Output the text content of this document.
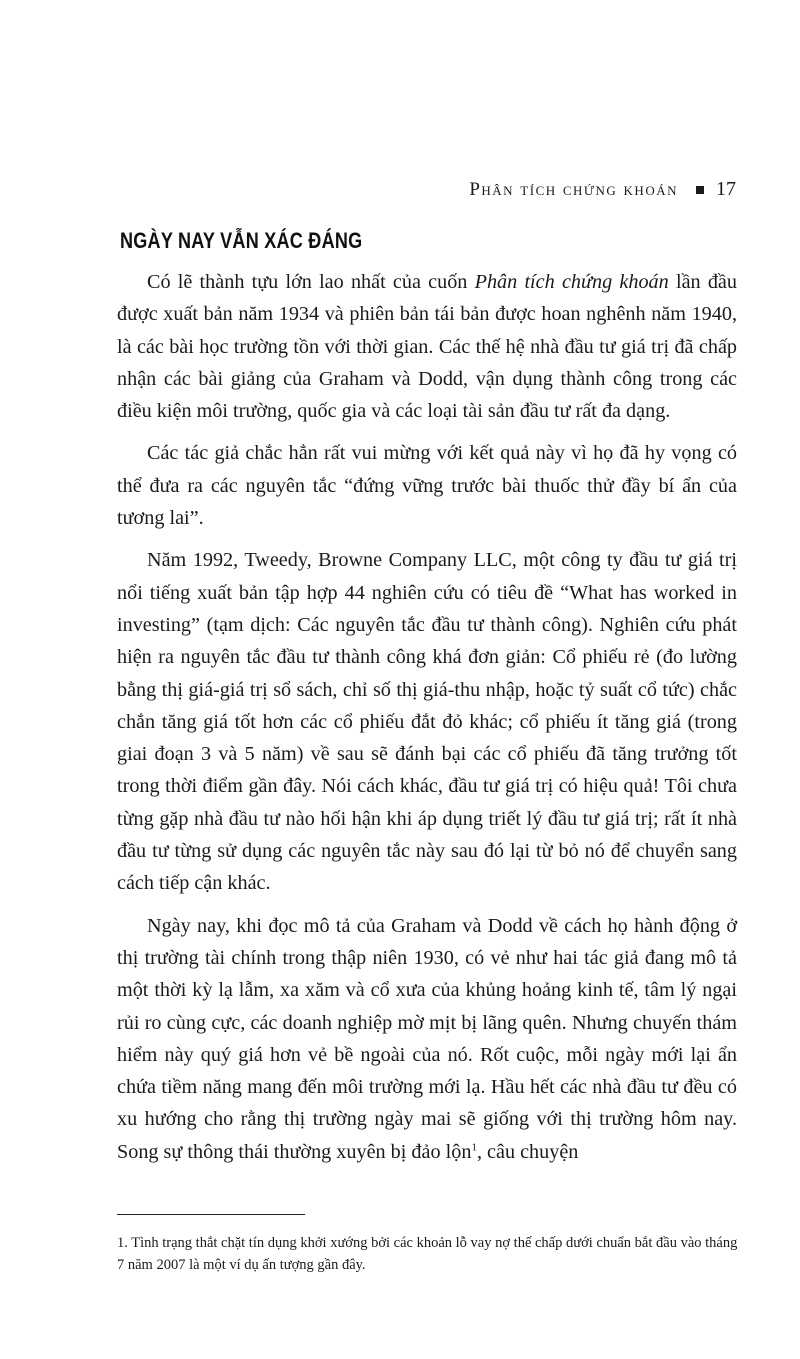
Phân tích chứng khoán 17
NGÀY NAY VẪN XÁC ĐÁNG

Có lẽ thành tựu lớn lao nhất của cuốn Phân tích chứng khoán lần đầu được xuất bản năm 1934 và phiên bản tái bản được hoan nghênh năm 1940, là các bài học trường tồn với thời gian. Các thế hệ nhà đầu tư giá trị đã chấp nhận các bài giảng của Graham và Dodd, vận dụng thành công trong các điều kiện môi trường, quốc gia và các loại tài sản đầu tư rất đa dạng.

Các tác giả chắc hẳn rất vui mừng với kết quả này vì họ đã hy vọng có thể đưa ra các nguyên tắc “đứng vững trước bài thuốc thử đầy bí ẩn của tương lai”.

Năm 1992, Tweedy, Browne Company LLC, một công ty đầu tư giá trị nổi tiếng xuất bản tập hợp 44 nghiên cứu có tiêu đề “What has worked in investing” (tạm dịch: Các nguyên tắc đầu tư thành công). Nghiên cứu phát hiện ra nguyên tắc đầu tư thành công khá đơn giản: Cổ phiếu rẻ (đo lường bằng thị giá-giá trị sổ sách, chỉ số thị giá-thu nhập, hoặc tỷ suất cổ tức) chắc chắn tăng giá tốt hơn các cổ phiếu đắt đỏ khác; cổ phiếu ít tăng giá (trong giai đoạn 3 và 5 năm) về sau sẽ đánh bại các cổ phiếu đã tăng trưởng tốt trong thời điểm gần đây. Nói cách khác, đầu tư giá trị có hiệu quả! Tôi chưa từng gặp nhà đầu tư nào hối hận khi áp dụng triết lý đầu tư giá trị; rất ít nhà đầu tư từng sử dụng các nguyên tắc này sau đó lại từ bỏ nó để chuyển sang cách tiếp cận khác.

Ngày nay, khi đọc mô tả của Graham và Dodd về cách họ hành động ở thị trường tài chính trong thập niên 1930, có vẻ như hai tác giả đang mô tả một thời kỳ lạ lẫm, xa xăm và cổ xưa của khủng hoảng kinh tế, tâm lý ngại rủi ro cùng cực, các doanh nghiệp mờ mịt bị lãng quên. Nhưng chuyến thám hiểm này quý giá hơn vẻ bề ngoài của nó. Rốt cuộc, mỗi ngày mới lại ẩn chứa tiềm năng mang đến môi trường mới lạ. Hầu hết các nhà đầu tư đều có xu hướng cho rằng thị trường ngày mai sẽ giống với thị trường hôm nay. Song sự thông thái thường xuyên bị đảo lộn$^1$, câu chuyện

1. Tình trạng thắt chặt tín dụng khởi xướng bởi các khoản lỗ vay nợ thế chấp dưới chuẩn bắt đầu vào tháng 7 năm 2007 là một ví dụ ấn tượng gần đây.
